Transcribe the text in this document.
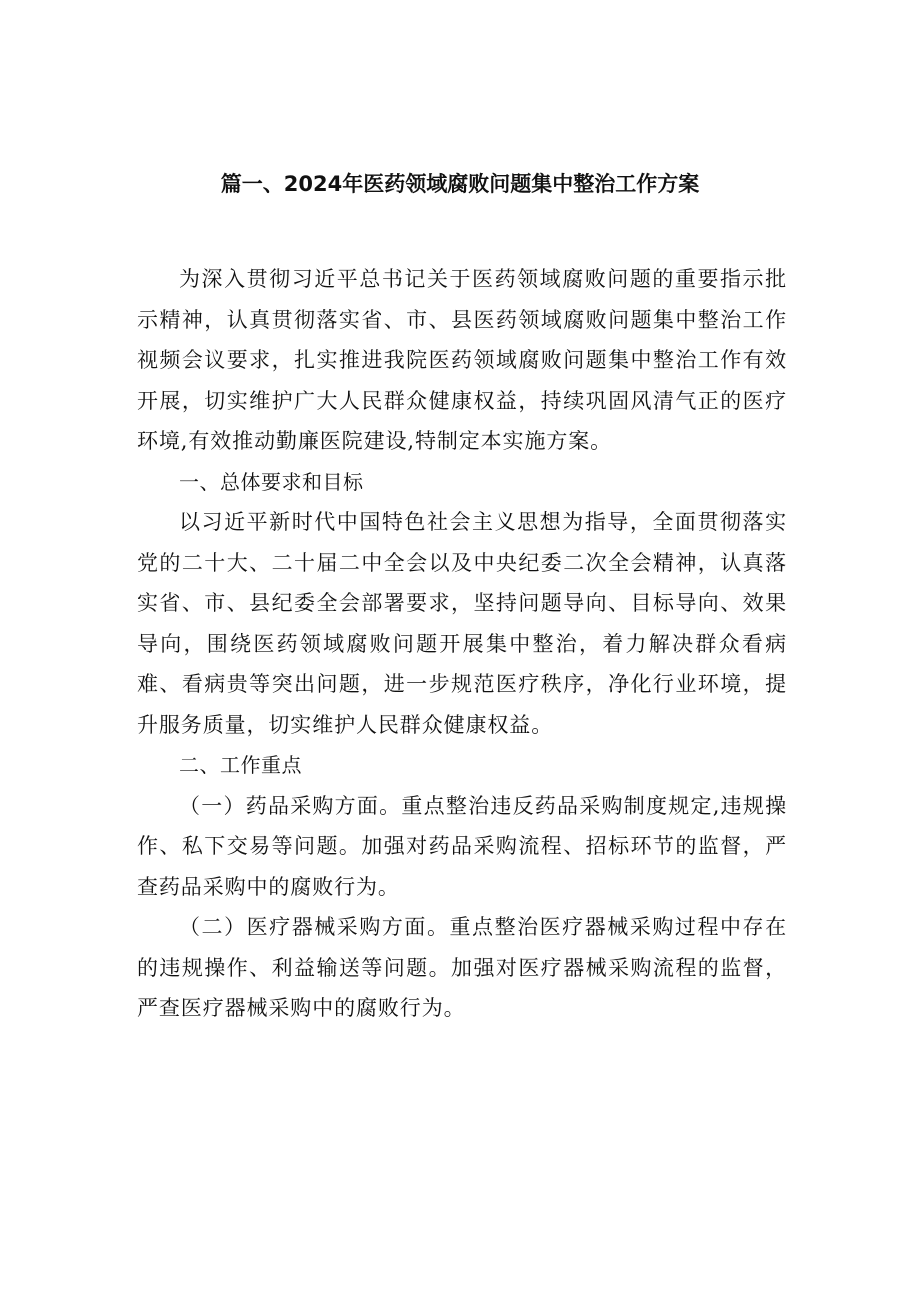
篇一、2024年医药领域腐败问题集中整治工作方案

为深入贯彻习近平总书记关于医药领域腐败问题的重要指示批示精神，认真贯彻落实省、市、县医药领域腐败问题集中整治工作视频会议要求，扎实推进我院医药领域腐败问题集中整治工作有效开展，切实维护广大人民群众健康权益，持续巩固风清气正的医疗环境,有效推动勤廉医院建设,特制定本实施方案。

一、总体要求和目标

以习近平新时代中国特色社会主义思想为指导，全面贯彻落实党的二十大、二十届二中全会以及中央纪委二次全会精神，认真落实省、市、县纪委全会部署要求，坚持问题导向、目标导向、效果导向，围绕医药领域腐败问题开展集中整治，着力解决群众看病难、看病贵等突出问题，进一步规范医疗秩序，净化行业环境，提升服务质量，切实维护人民群众健康权益。

二、工作重点

（一）药品采购方面。重点整治违反药品采购制度规定,违规操作、私下交易等问题。加强对药品采购流程、招标环节的监督，严查药品采购中的腐败行为。

（二）医疗器械采购方面。重点整治医疗器械采购过程中存在的违规操作、利益输送等问题。加强对医疗器械采购流程的监督，严查医疗器械采购中的腐败行为。
